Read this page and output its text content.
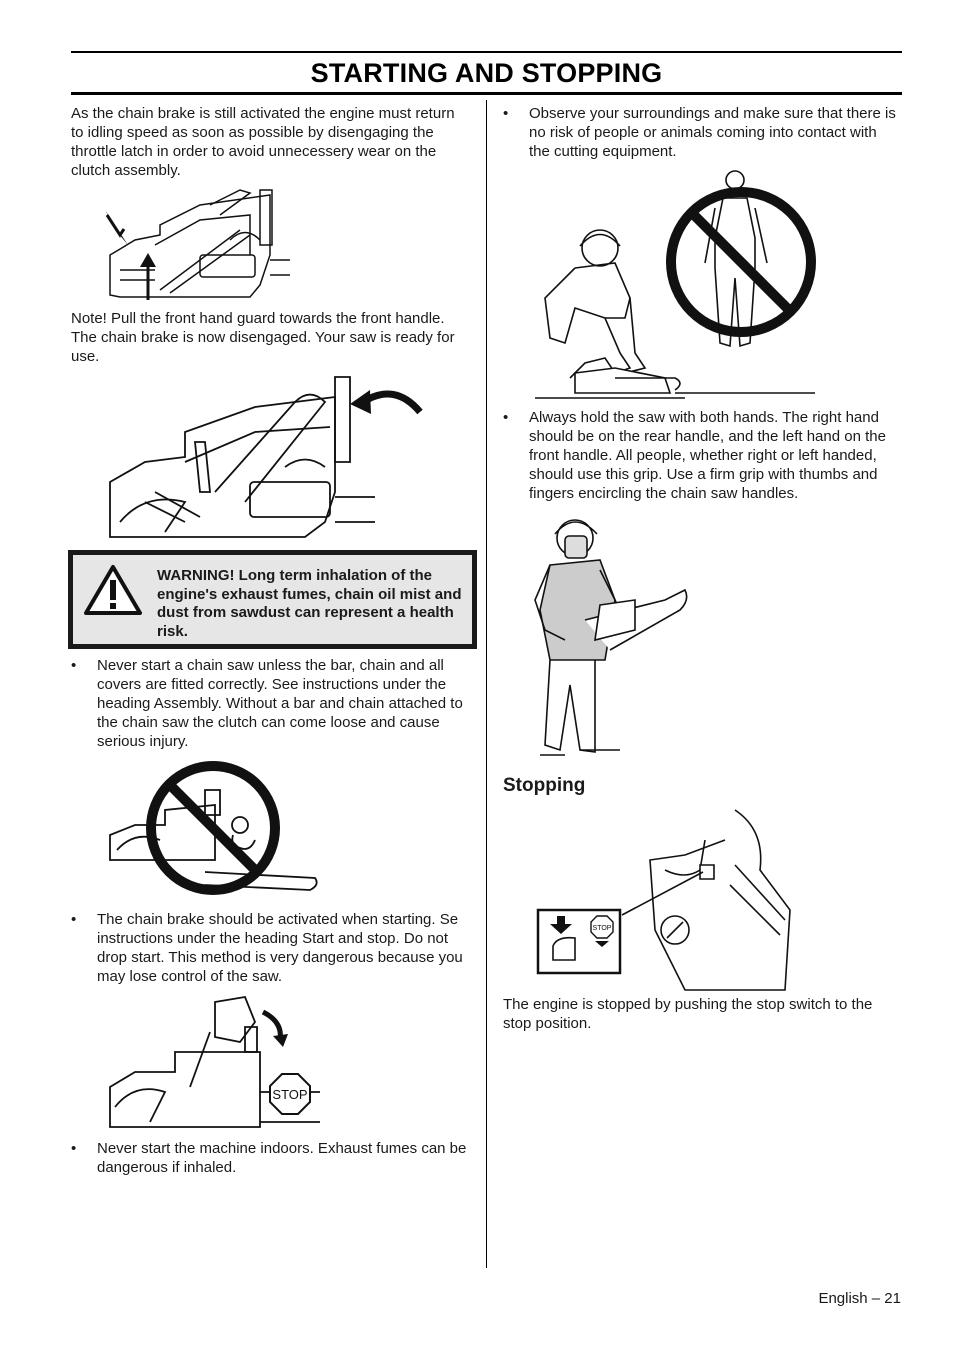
STARTING AND STOPPING

As the chain brake is still activated the engine must return to idling speed as soon as possible by disengaging the throttle latch in order to avoid unnecessery wear on the clutch assembly.

Note! Pull the front hand guard towards the front handle. The chain brake is now disengaged. Your saw is ready for use.

WARNING! Long term inhalation of the engine's exhaust fumes, chain oil mist and dust from sawdust can represent a health risk.
• Never start a chain saw unless the bar, chain and all covers are fitted correctly. See instructions under the heading Assembly. Without a bar and chain attached to the chain saw the clutch can come loose and cause serious injury.
• The chain brake should be activated when starting. Se instructions under the heading Start and stop. Do not drop start. This method is very dangerous because you may lose control of the saw.
STOP
• Never start the machine indoors. Exhaust fumes can be dangerous if inhaled.
• Observe your surroundings and make sure that there is no risk of people or animals coming into contact with the cutting equipment.
• Always hold the saw with both hands. The right hand should be on the rear handle, and the left hand on the front handle. All people, whether right or left handed, should use this grip. Use a firm grip with thumbs and fingers encircling the chain saw handles.
Stopping
STOP

The engine is stopped by pushing the stop switch to the stop position.

English – 21
